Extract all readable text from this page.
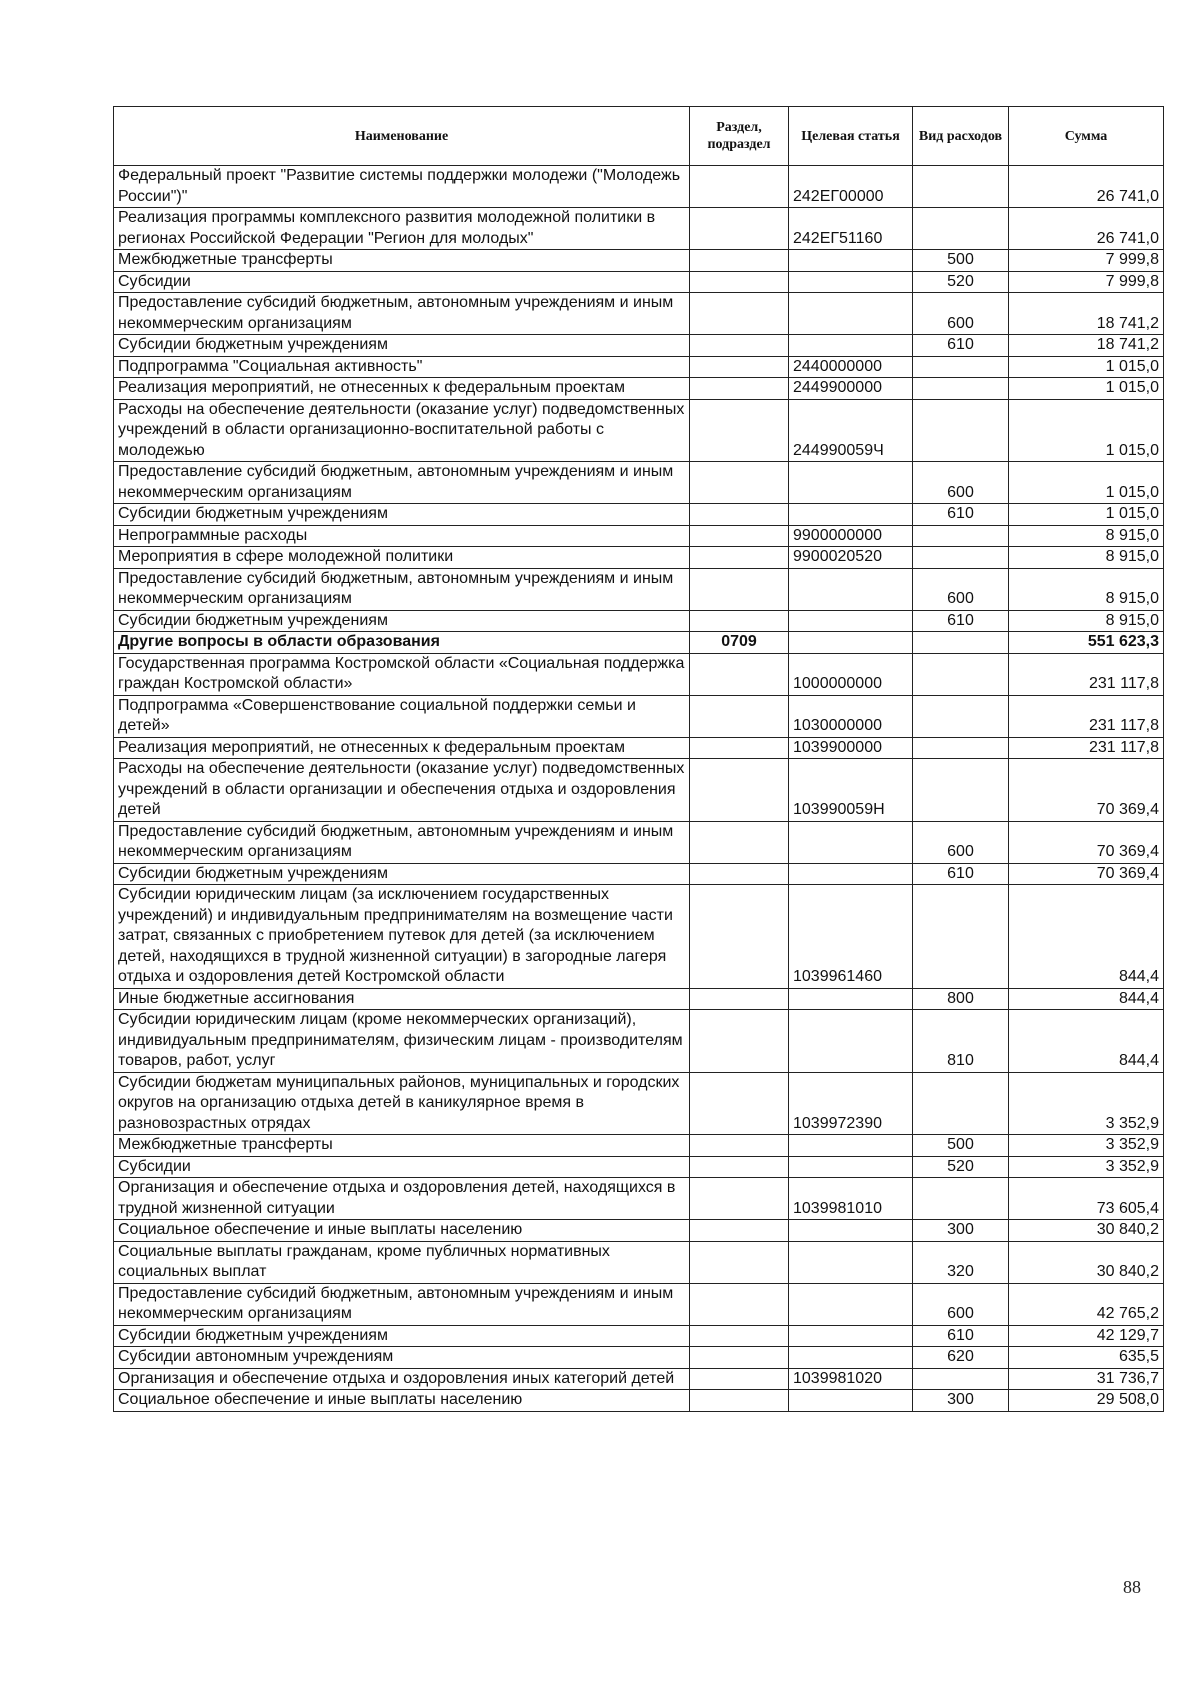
Наименование	Раздел, подраздел	Целевая статья	Вид расходов	Сумма
Федеральный проект "Развитие системы поддержки молодежи ("Молодежь России")"		242ЕГ00000		26 741,0
Реализация программы комплексного развития молодежной политики в регионах Российской Федерации "Регион для молодых"		242ЕГ51160		26 741,0
Межбюджетные трансферты			500	7 999,8
Субсидии			520	7 999,8
Предоставление субсидий бюджетным, автономным учреждениям и иным некоммерческим организациям			600	18 741,2
Субсидии бюджетным учреждениям			610	18 741,2
Подпрограмма "Социальная активность"		2440000000		1 015,0
Реализация мероприятий, не отнесенных к федеральным проектам		2449900000		1 015,0
Расходы на обеспечение деятельности (оказание услуг) подведомственных учреждений в области организационно-воспитательной работы с молодежью		244990059Ч		1 015,0
Предоставление субсидий бюджетным, автономным учреждениям и иным некоммерческим организациям			600	1 015,0
Субсидии бюджетным учреждениям			610	1 015,0
Непрограммные расходы		9900000000		8 915,0
Мероприятия в сфере молодежной политики		9900020520		8 915,0
Предоставление субсидий бюджетным, автономным учреждениям и иным некоммерческим организациям			600	8 915,0
Субсидии бюджетным учреждениям			610	8 915,0
Другие вопросы в области образования	0709			551 623,3
Государственная программа Костромской области «Социальная поддержка граждан Костромской области»		1000000000		231 117,8
Подпрограмма «Совершенствование социальной поддержки семьи и детей»		1030000000		231 117,8
Реализация мероприятий, не отнесенных к федеральным проектам		1039900000		231 117,8
Расходы на обеспечение деятельности (оказание услуг) подведомственных учреждений в области организации и обеспечения отдыха и оздоровления детей		103990059Н		70 369,4
Предоставление субсидий бюджетным, автономным учреждениям и иным некоммерческим организациям			600	70 369,4
Субсидии бюджетным учреждениям			610	70 369,4
Субсидии юридическим лицам (за исключением государственных учреждений) и индивидуальным предпринимателям на возмещение части затрат, связанных с приобретением путевок для детей (за исключением детей, находящихся в трудной жизненной ситуации) в загородные лагеря отдыха и оздоровления детей Костромской области		1039961460		844,4
Иные бюджетные ассигнования			800	844,4
Субсидии юридическим лицам (кроме некоммерческих организаций), индивидуальным предпринимателям, физическим лицам - производителям товаров, работ, услуг			810	844,4
Субсидии бюджетам муниципальных районов, муниципальных и городских округов на организацию отдыха детей в каникулярное время в разновозрастных отрядах		1039972390		3 352,9
Межбюджетные трансферты			500	3 352,9
Субсидии			520	3 352,9
Организация и обеспечение отдыха и оздоровления детей, находящихся в трудной жизненной ситуации		1039981010		73 605,4
Социальное обеспечение и иные выплаты населению			300	30 840,2
Социальные выплаты гражданам, кроме публичных нормативных социальных выплат			320	30 840,2
Предоставление субсидий бюджетным, автономным учреждениям и иным некоммерческим организациям			600	42 765,2
Субсидии бюджетным учреждениям			610	42 129,7
Субсидии автономным учреждениям			620	635,5
Организация и обеспечение отдыха и оздоровления иных категорий детей		1039981020		31 736,7
Социальное обеспечение и иные выплаты населению			300	29 508,0
88
